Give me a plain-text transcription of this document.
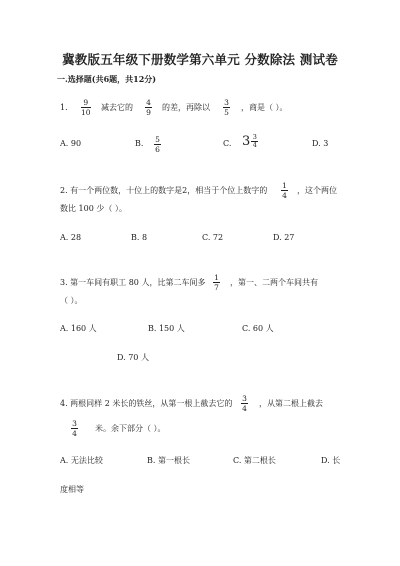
冀教版五年级下册数学第六单元 分数除法 测试卷
一.选择题(共6题，共12分)
1.
9
10
减去它的
4
9
的差，再除以
3
5
，商是（ ）。
A. 90	B. 5
6
C. $3 \frac{3}{4}$	D. 3
2. 有一个两位数，十位上的数字是2，相当于个位上数字的
1
4
，这个两位
数比 100 少（ ）。
A. 28	B. 8	C. 72	D. 27
3. 第一车间有职工 80 人，比第二车间多
1
7
，第一、二两个车间共有
（ ）。
A. 160 人	B. 150 人	C. 60 人
D. 70 人
4. 两根同样 2 米长的铁丝，从第一根上截去它的
3
4
，从第二根上截去
3
4
米。余下部分（ ）。
A. 无法比较	B. 第一根长	C. 第二根长	D. 长
度相等
